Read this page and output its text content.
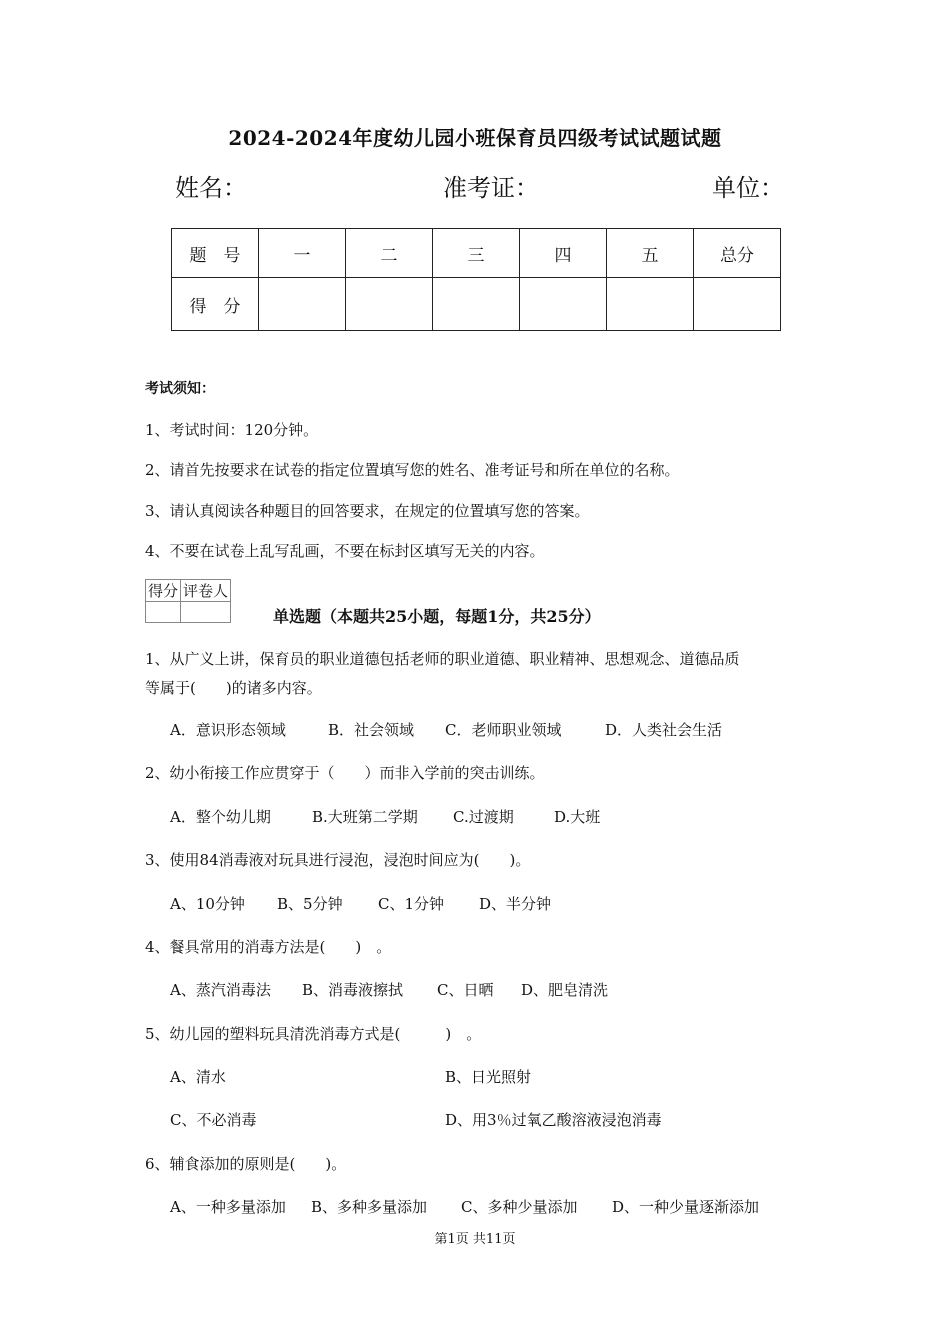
2024-2024年度幼儿园小班保育员四级考试试题试题
姓名：	准考证：	单位：
题　号	一	二	三	四	五	总分
得　分						
考试须知：
1、考试时间：120分钟。
2、请首先按要求在试卷的指定位置填写您的姓名、准考证号和所在单位的名称。
3、请认真阅读各种题目的回答要求，在规定的位置填写您的答案。
4、不要在试卷上乱写乱画，不要在标封区填写无关的内容。
得分	评卷人

单选题（本题共25小题，每题1分，共25分）
1、从广义上讲，保育员的职业道德包括老师的职业道德、职业精神、思想观念、道德品质
等属于(　　)的诸多内容。
A．意识形态领域	B．社会领域 C．老师职业领域	D．人类社会生活
2、幼小衔接工作应贯穿于（　　）而非入学前的突击训练。
A．整个幼儿期	B.大班第二学期 C.过渡期	D.大班
3、使用84消毒液对玩具进行浸泡，浸泡时间应为(　　)。
A、10分钟 B、5分钟 C、1分钟 D、半分钟
4、餐具常用的消毒方法是(　　)　。
A、蒸汽消毒法 B、消毒液擦拭 C、日晒 D、肥皂清洗
5、幼儿园的塑料玩具清洗消毒方式是(　　　)　。
A、清水	B、日光照射
C、不必消毒	D、用3％过氧乙酸溶液浸泡消毒
6、辅食添加的原则是(　　)。
A、一种多量添加 B、多种多量添加 C、多种少量添加 D、一种少量逐渐添加
第1页 共11页
